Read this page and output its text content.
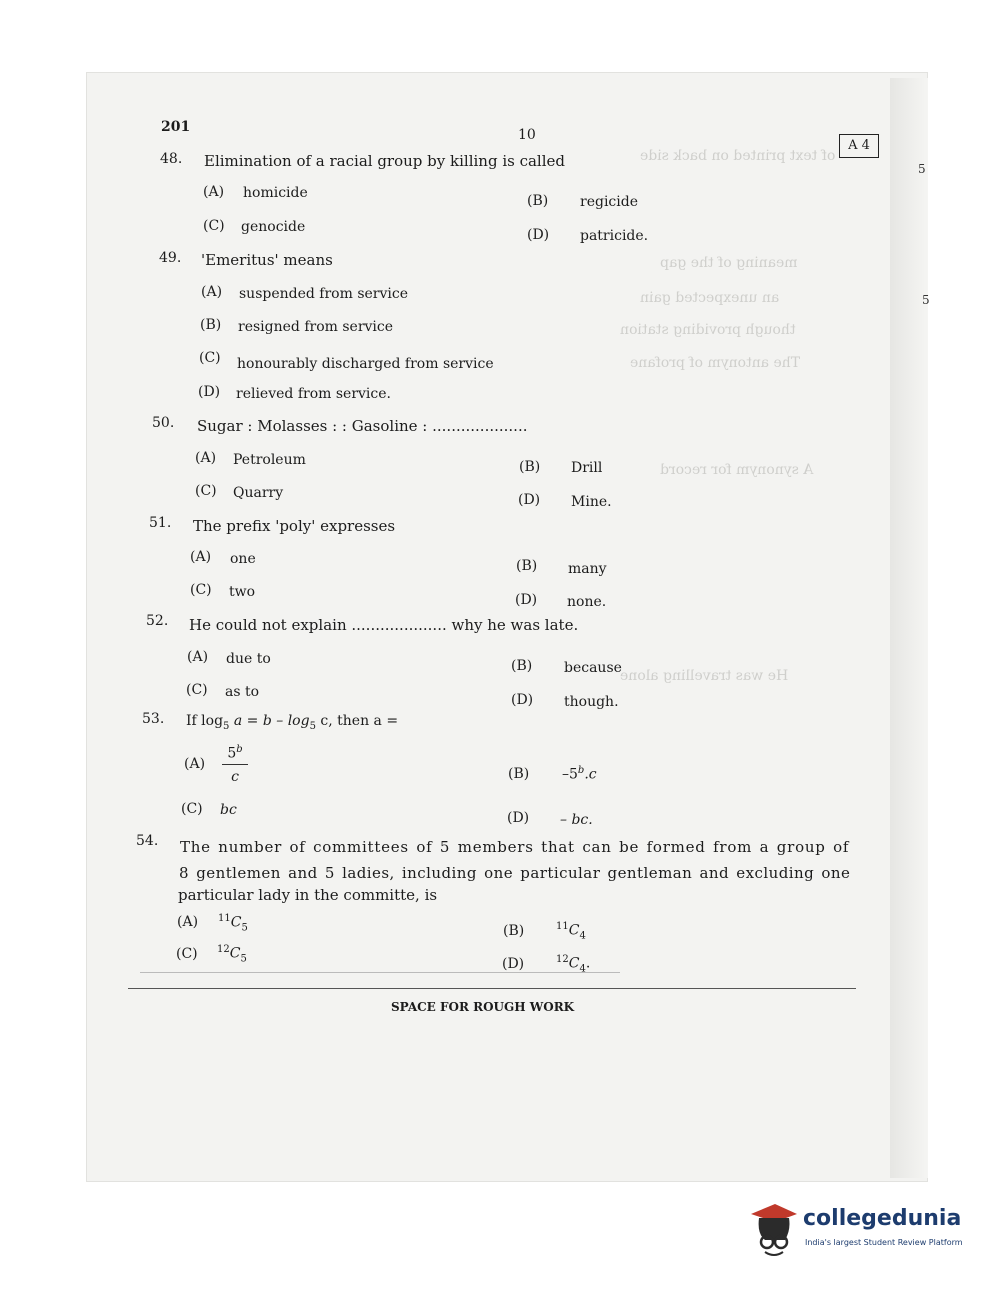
of text printed on back side
meaning of the gap
an unexpected gain
though providing station
The antonym of profane
A synonym for record
He was travelling alone
5
5
201	10
A 4
48. Elimination of a racial group by killing is called
(A) homicide	(B) regicide
(C) genocide	(D) patricide.
49. 'Emeritus' means
(A) suspended from service
(B) resigned from service
(C) honourably discharged from service
(D) relieved from service.
50. Sugar : Molasses : : Gasoline : ....................
(A) Petroleum	(B) Drill
(C) Quarry	(D) Mine.
51. The prefix 'poly' expresses
(A) one	(B) many
(C) two	(D) none.
52. He could not explain .................... why he was late.
(A) due to	(B) because
(C) as to	(D) though.
53. If $\log_5 a = b - \log_5 c$, then a =
$(A) \frac{5^b}{c}$	(B) –5$^b$.c
(C) bc	(D) – bc.
54. The number of committees of 5 members that can be formed from a group of
8 gentlemen and 5 ladies, including one particular gentleman and excluding one
particular lady in the committe, is
(A) $^{11}C_5$	(B)	$^{11}C_4$
(C) $^{12}C_5$	(D)	$^{12}C_4$.
SPACE FOR ROUGH WORK
collegedunia
India's largest Student Review Platform
